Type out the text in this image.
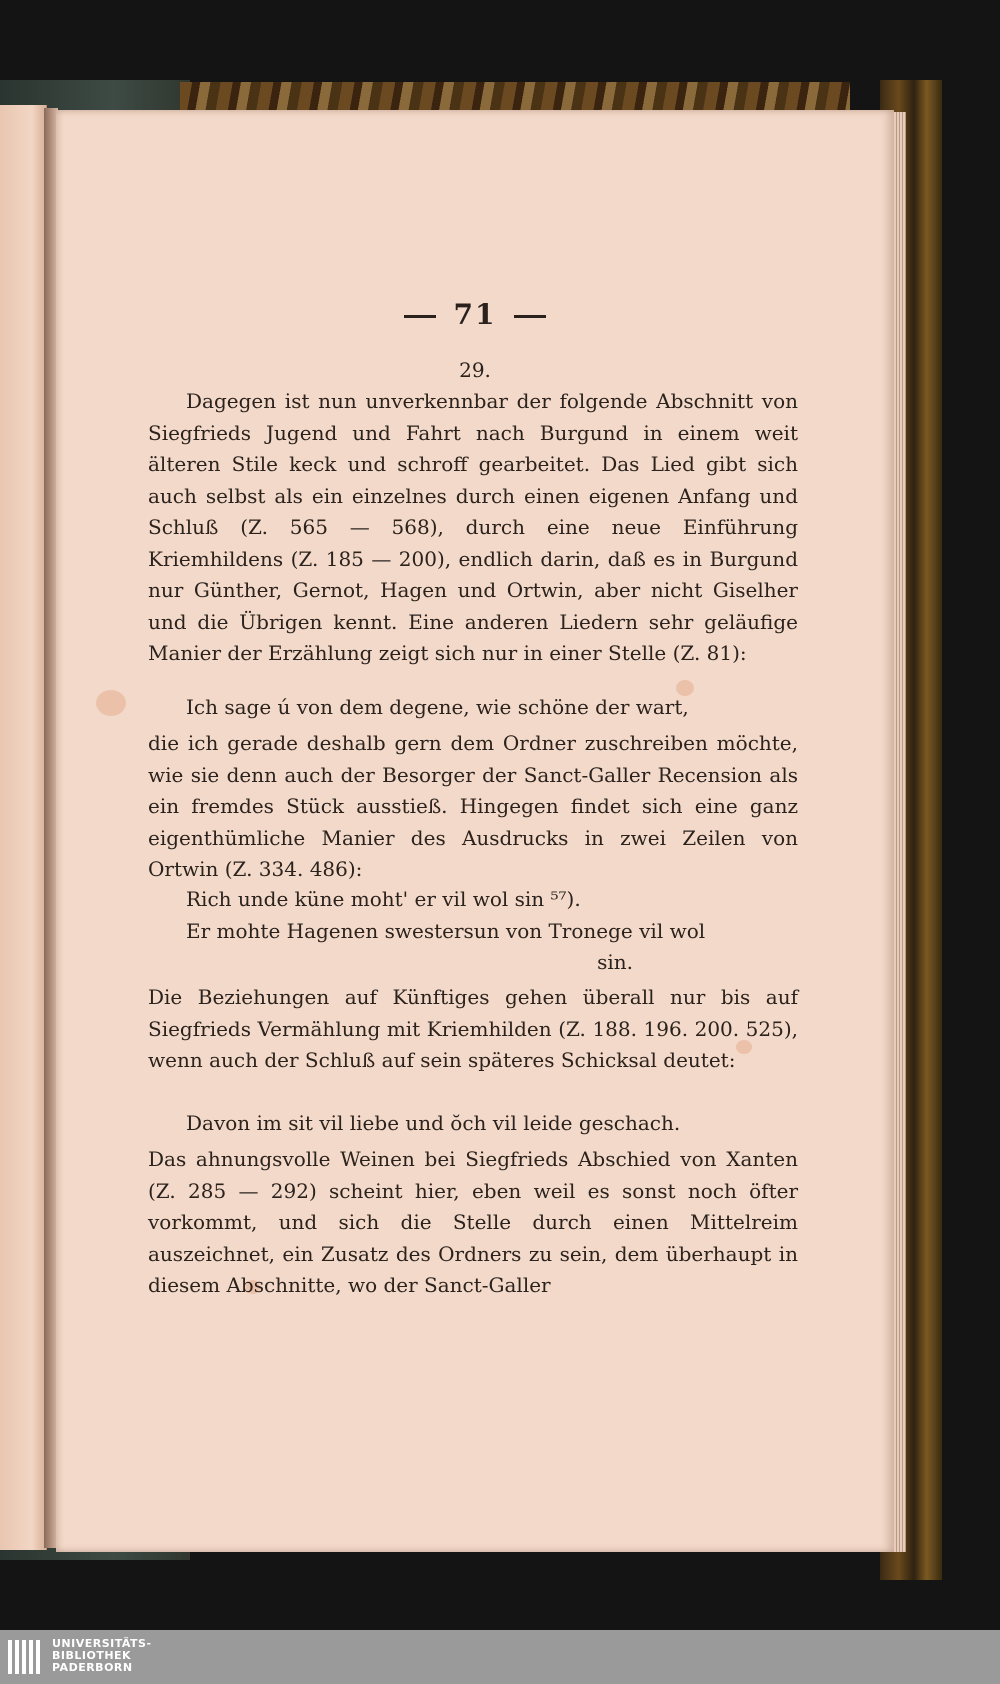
71
29.

Dagegen ist nun unverkennbar der folgende Abschnitt von Siegfrieds Jugend und Fahrt nach Burgund in einem weit älteren Stile keck und schroff gearbeitet. Das Lied gibt sich auch selbst als ein einzelnes durch einen eigenen Anfang und Schluß (Z. 565 — 568), durch eine neue Einführung Kriemhildens (Z. 185 — 200), endlich darin, daß es in Burgund nur Günther, Gernot, Hagen und Ortwin, aber nicht Giselher und die Übrigen kennt. Eine anderen Liedern sehr geläufige Manier der Erzählung zeigt sich nur in einer Stelle (Z. 81):

Ich sage ú von dem degene, wie schöne der wart,

die ich gerade deshalb gern dem Ordner zuschreiben möchte, wie sie denn auch der Besorger der Sanct-Galler Recension als ein fremdes Stück ausstieß. Hingegen findet sich eine ganz eigenthümliche Manier des Ausdrucks in zwei Zeilen von Ortwin (Z. 334. 486):

Rich unde küne moht' er vil wol sin ⁵⁷).

Er mohte Hagenen swestersun von Tronege vil wol

sin.

Die Beziehungen auf Künftiges gehen überall nur bis auf Siegfrieds Vermählung mit Kriemhilden (Z. 188. 196. 200. 525), wenn auch der Schluß auf sein späteres Schicksal deutet:

Davon im sit vil liebe und ŏch vil leide geschach.

Das ahnungsvolle Weinen bei Siegfrieds Abschied von Xanten (Z. 285 — 292) scheint hier, eben weil es sonst noch öfter vorkommt, und sich die Stelle durch einen Mittelreim auszeichnet, ein Zusatz des Ordners zu sein, dem überhaupt in diesem Abschnitte, wo der Sanct-Galler

UNIVERSITÄTS-
BIBLIOTHEK
PADERBORN
